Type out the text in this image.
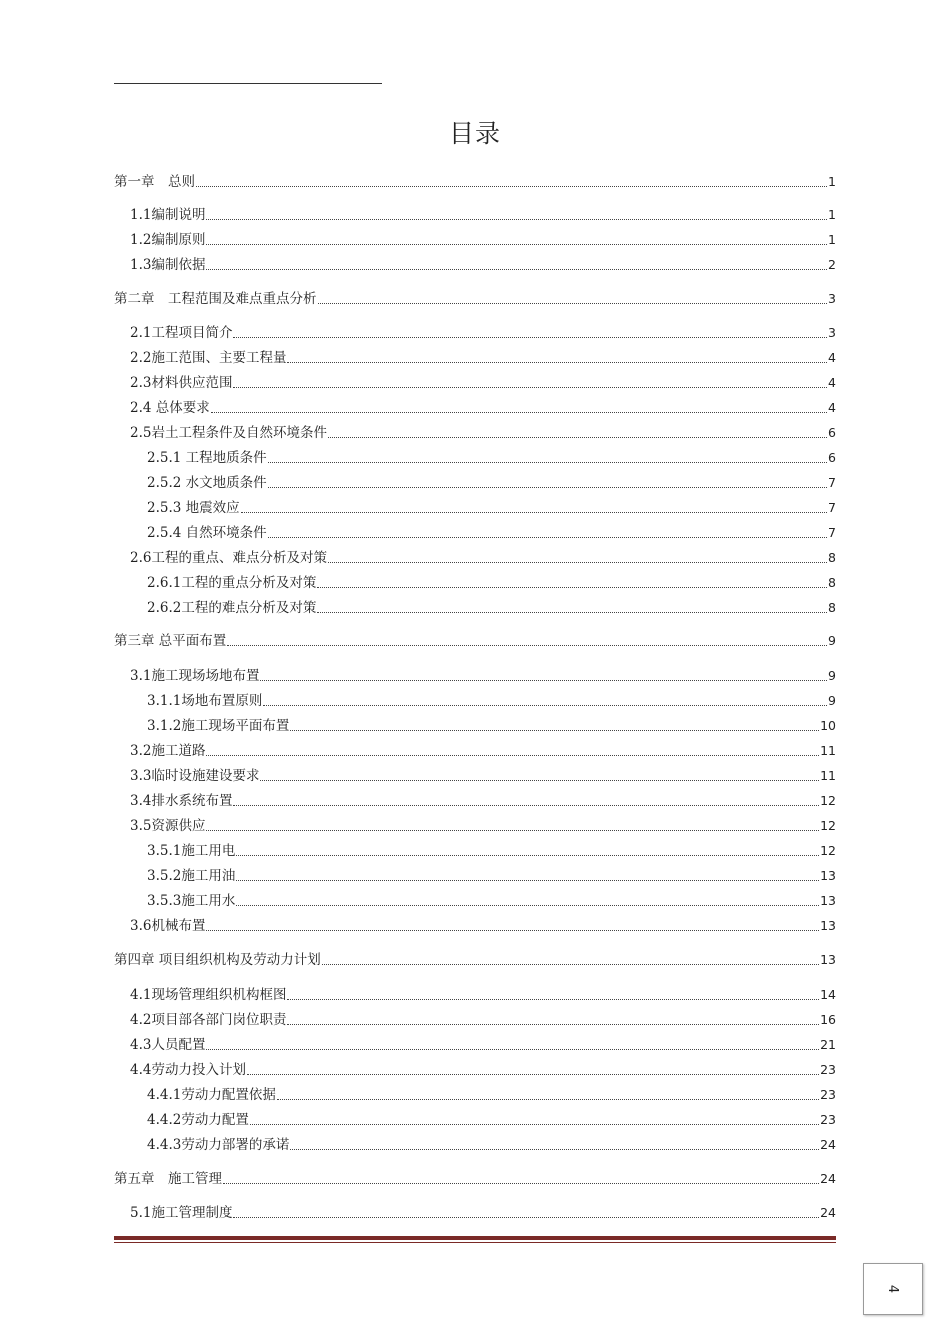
目录
第一章　总则	1
1.1编制说明	1
1.2编制原则	1
1.3编制依据	2
第二章　工程范围及难点重点分析	3
2.1工程项目简介	3
2.2施工范围、主要工程量	4
2.3材料供应范围	4
2.4 总体要求	4
2.5岩土工程条件及自然环境条件	6
2.5.1 工程地质条件	6
2.5.2 水文地质条件	7
2.5.3 地震效应	7
2.5.4 自然环境条件	7
2.6工程的重点、难点分析及对策	8
2.6.1工程的重点分析及对策	8
2.6.2工程的难点分析及对策	8
第三章 总平面布置	9
3.1施工现场场地布置	9
3.1.1场地布置原则	9
3.1.2施工现场平面布置	10
3.2施工道路	11
3.3临时设施建设要求	11
3.4排水系统布置	12
3.5资源供应	12
3.5.1施工用电	12
3.5.2施工用油	13
3.5.3施工用水	13
3.6机械布置	13
第四章 项目组织机构及劳动力计划	13
4.1现场管理组织机构框图	14
4.2项目部各部门岗位职责	16
4.3人员配置	21
4.4劳动力投入计划	23
4.4.1劳动力配置依据	23
4.4.2劳动力配置	23
4.4.3劳动力部署的承诺	24
第五章　施工管理	24
5.1施工管理制度	24
4
